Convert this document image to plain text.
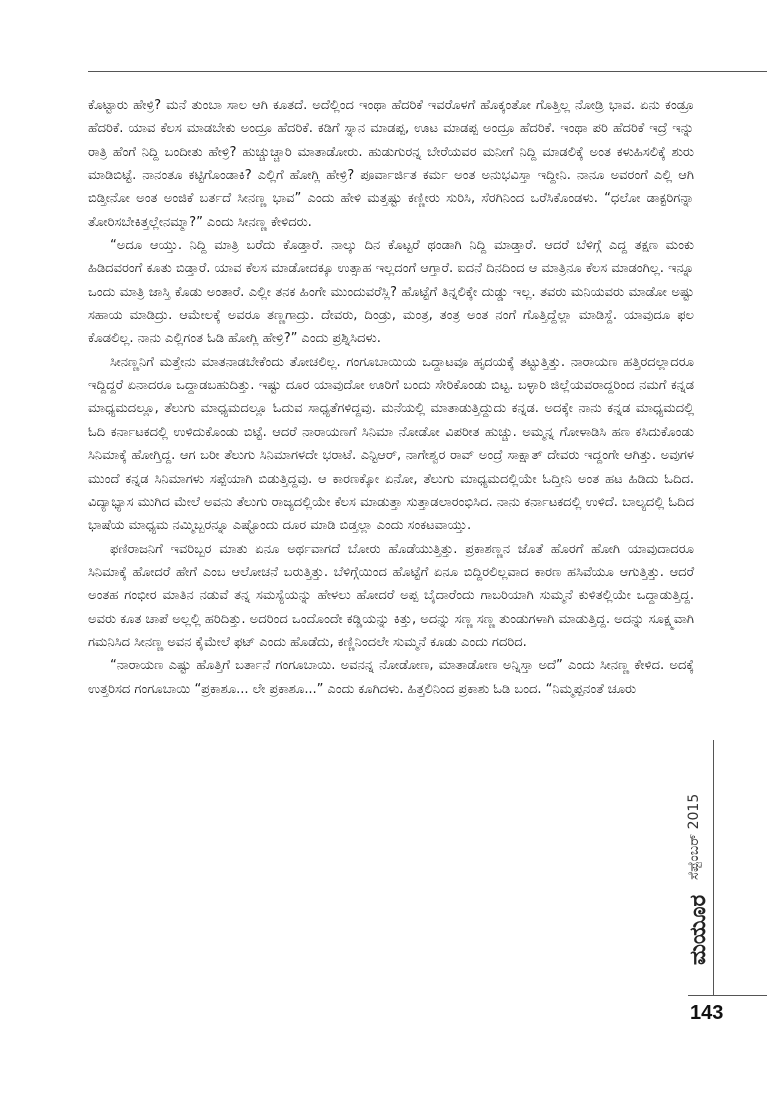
ಕೊಟ್ಟಾರು ಹೇಳ್ರಿ? ಮನೆ ತುಂಬಾ ಸಾಲ ಆಗಿ ಕೂತದೆ. ಅದೆಲ್ಲಿಂದ ಇಂಥಾ ಹೆದರಿಕೆ ಇವರೊಳಗೆ ಹೊಕ್ಕಂತೋ ಗೊತ್ತಿಲ್ಲ ನೋಡ್ರಿ ಭಾವ. ಏನು ಕಂಡ್ರೂ ಹೆದರಿಕೆ. ಯಾವ ಕೆಲಸ ಮಾಡಬೇಕು ಅಂದ್ರೂ ಹೆದರಿಕೆ. ಕಡಿಗೆ ಸ್ನಾನ ಮಾಡಪ್ಪ, ಊಟ ಮಾಡಪ್ಪ ಅಂದ್ರೂ ಹೆದರಿಕೆ. ಇಂಥಾ ಪರಿ ಹೆದರಿಕೆ ಇದ್ರೆ ಇನ್ನು ರಾತ್ರಿ ಹೆಂಗೆ ನಿದ್ದಿ ಬಂದೀತು ಹೇಳ್ರಿ? ಹುಚ್ಚುಚ್ಚಾರಿ ಮಾತಾಡೋರು. ಹುಡುಗುರನ್ನ ಬೇರೆಯವರ ಮನೀಗೆ ನಿದ್ದಿ ಮಾಡಲಿಕ್ಕೆ ಅಂತ ಕಳುಹಿಸಲಿಕ್ಕೆ ಶುರು ಮಾಡಿಬಿಟ್ಟೆ. ನಾನಂತೂ ಕಟ್ಟಿಗೊಂಡಾಕಿ? ಎಲ್ಲಿಗೆ ಹೋಗ್ಲಿ ಹೇಳ್ರಿ? ಪೂರ್ವಾರ್ಜಿತ ಕರ್ಮ ಅಂತ ಅನುಭವಿಸ್ತಾ ಇದ್ದೀನಿ. ನಾನೂ ಅವರಂಗೆ ಎಲ್ಲಿ ಆಗಿ ಬಿಡ್ತೀನೋ ಅಂತ ಅಂಜಿಕೆ ಬರ್ತದೆ ಸೀನಣ್ಣ ಭಾವ” ಎಂದು ಹೇಳಿ ಮತ್ತಷ್ಟು ಕಣ್ಣೀರು ಸುರಿಸಿ, ಸೆರಗಿನಿಂದ ಒರೆಸಿಕೊಂಡಳು. “ಧಲೋ ಡಾಕ್ಟರಿಗನ್ನಾ ತೋರಿಸಬೇಕಿತ್ತಲ್ಲೇನಮ್ಮಾ?” ಎಂದು ಸೀನಣ್ಣ ಕೇಳಿದರು.

“ಅದೂ ಆಯ್ತು. ನಿದ್ದಿ ಮಾತ್ರಿ ಬರೆದು ಕೊಡ್ತಾರೆ. ನಾಲ್ಕು ದಿನ ಕೊಟ್ಟರೆ ಥಂಡಾಗಿ ನಿದ್ದಿ ಮಾಡ್ತಾರೆ. ಆದರೆ ಬೆಳಿಗ್ಗೆ ಎದ್ದ ತಕ್ಷಣ ಮಂಕು ಹಿಡಿದವರಂಗೆ ಕೂತು ಬಿಡ್ತಾರೆ. ಯಾವ ಕೆಲಸ ಮಾಡೋದಕ್ಕೂ ಉತ್ಸಾಹ ಇಲ್ಲದಂಗೆ ಆಗ್ತಾರೆ. ಐದನೆ ದಿನದಿಂದ ಆ ಮಾತ್ರಿನೂ ಕೆಲಸ ಮಾಡಂಗಿಲ್ಲ. ಇನ್ನೂ ಒಂದು ಮಾತ್ರಿ ಜಾಸ್ತಿ ಕೊಡು ಅಂತಾರೆ. ಎಲ್ಲೀ ತನಕ ಹಿಂಗೇ ಮುಂದುವರೆಸ್ಲಿ? ಹೊಟ್ಟೆಗೆ ತಿನ್ನಲಿಕ್ಕೇ ದುಡ್ಡು ಇಲ್ಲ. ತವರು ಮನಿಯವರು ಮಾಡೋ ಅಷ್ಟು ಸಹಾಯ ಮಾಡಿದ್ರು. ಆಮೇಲಕ್ಕೆ ಅವರೂ ತಣ್ಣಗಾದ್ರು. ದೇವರು, ದಿಂಡ್ರು, ಮಂತ್ರ, ತಂತ್ರ ಅಂತ ನಂಗೆ ಗೊತ್ತಿದ್ದೆಲ್ಲಾ ಮಾಡಿಸ್ದೆ. ಯಾವುದೂ ಫಲ ಕೊಡಲಿಲ್ಲ. ನಾನು ಎಲ್ಲಿಗಂತ ಓಡಿ ಹೋಗ್ಲಿ ಹೇಳ್ರಿ?” ಎಂದು ಪ್ರಶ್ನಿಸಿದಳು.

ಸೀನಣ್ಣನಿಗೆ ಮತ್ತೇನು ಮಾತನಾಡಬೇಕೆಂದು ತೋಚಲಿಲ್ಲ. ಗಂಗೂಬಾಯಿಯ ಒದ್ದಾಟವೂ ಹೃದಯಕ್ಕೆ ತಟ್ಟುತ್ತಿತ್ತು. ನಾರಾಯಣ ಹತ್ತಿರದಲ್ಲಾದರೂ ಇದ್ದಿದ್ದರೆ ಏನಾದರೂ ಒದ್ದಾಡಬಹುದಿತ್ತು. ಇಷ್ಟು ದೂರ ಯಾವುದೋ ಊರಿಗೆ ಬಂದು ಸೇರಿಕೊಂಡು ಬಿಟ್ಟ. ಬಳ್ಳಾರಿ ಜಿಲ್ಲೆಯವರಾದ್ದರಿಂದ ನಮಗೆ ಕನ್ನಡ ಮಾಧ್ಯಮದಲ್ಲೂ, ತೆಲುಗು ಮಾಧ್ಯಮದಲ್ಲೂ ಓದುವ ಸಾಧ್ಯತೆಗಳಿದ್ದವು. ಮನೆಯಲ್ಲಿ ಮಾತಾಡುತ್ತಿದ್ದುದು ಕನ್ನಡ. ಅದಕ್ಕೇ ನಾನು ಕನ್ನಡ ಮಾಧ್ಯಮದಲ್ಲಿ ಓದಿ ಕರ್ನಾಟಕದಲ್ಲಿ ಉಳಿದುಕೊಂಡು ಬಿಟ್ಟೆ. ಆದರೆ ನಾರಾಯಣಗೆ ಸಿನಿಮಾ ನೋಡೋ ವಿಪರೀತ ಹುಚ್ಚು. ಅಮ್ಮನ್ನ ಗೋಳಾಡಿಸಿ ಹಣ ಕಸಿದುಕೊಂಡು ಸಿನಿಮಾಕ್ಕೆ ಹೋಗ್ತಿದ್ದ. ಆಗ ಬರೀ ತೆಲುಗು ಸಿನಿಮಾಗಳದೇ ಭರಾಟೆ. ಎನ್ಟಿಆರ್, ನಾಗೇಶ್ವರ ರಾವ್ ಅಂದ್ರೆ ಸಾಕ್ಷಾತ್ ದೇವರು ಇದ್ದಂಗೇ ಆಗಿತ್ತು. ಅವುಗಳ ಮುಂದೆ ಕನ್ನಡ ಸಿನಿಮಾಗಳು ಸಪ್ಪೆಯಾಗಿ ಬಿಡುತ್ತಿದ್ದವು. ಆ ಕಾರಣಕ್ಕೋ ಏನೋ, ತೆಲುಗು ಮಾಧ್ಯಮದಲ್ಲಿಯೇ ಓದ್ತೀನಿ ಅಂತ ಹಟ ಹಿಡಿದು ಓದಿದ. ವಿದ್ಯಾಭ್ಯಾಸ ಮುಗಿದ ಮೇಲೆ ಅವನು ತೆಲುಗು ರಾಜ್ಯದಲ್ಲಿಯೇ ಕೆಲಸ ಮಾಡುತ್ತಾ ಸುತ್ತಾಡಲಾರಂಭಿಸಿದ. ನಾನು ಕರ್ನಾಟಕದಲ್ಲಿ ಉಳಿದೆ. ಬಾಲ್ಯದಲ್ಲಿ ಓದಿದ ಭಾಷೆಯ ಮಾಧ್ಯಮ ನಮ್ಮಿಬ್ಬರನ್ನೂ ಎಷ್ಟೊಂದು ದೂರ ಮಾಡಿ ಬಿಡ್ತಲ್ಲಾ ಎಂದು ಸಂಕಟವಾಯ್ತು.

ಫಣಿರಾಜನಿಗೆ ಇವರಿಬ್ಬರ ಮಾತು ಏನೂ ಅರ್ಥವಾಗದೆ ಬೋರು ಹೊಡೆಯುತ್ತಿತ್ತು. ಪ್ರಕಾಶಣ್ಣನ ಜೊತೆ ಹೊರಗೆ ಹೋಗಿ ಯಾವುದಾದರೂ ಸಿನಿಮಾಕ್ಕೆ ಹೋದರೆ ಹೇಗೆ ಎಂಬ ಆಲೋಚನೆ ಬರುತ್ತಿತ್ತು. ಬೆಳಿಗ್ಗೆಯಿಂದ ಹೊಟ್ಟೆಗೆ ಏನೂ ಬಿದ್ದಿರಲಿಲ್ಲವಾದ ಕಾರಣ ಹಸಿವೆಯೂ ಆಗುತ್ತಿತ್ತು. ಆದರೆ ಅಂತಹ ಗಂಭೀರ ಮಾತಿನ ನಡುವೆ ತನ್ನ ಸಮಸ್ಯೆಯನ್ನು ಹೇಳಲು ಹೋದರೆ ಅಪ್ಪ ಬೈದಾರೆಂದು ಗಾಬರಿಯಾಗಿ ಸುಮ್ಮನೆ ಕುಳಿತಲ್ಲಿಯೇ ಒದ್ದಾಡುತ್ತಿದ್ದ. ಅವರು ಕೂತ ಚಾಪೆ ಅಲ್ಲಲ್ಲಿ ಹರಿದಿತ್ತು. ಅದರಿಂದ ಒಂದೊಂದೇ ಕಡ್ಡಿಯನ್ನು ಕಿತ್ತು, ಅದನ್ನು ಸಣ್ಣ ಸಣ್ಣ ತುಂಡುಗಳಾಗಿ ಮಾಡುತ್ತಿದ್ದ. ಅದನ್ನು ಸೂಕ್ಷ್ಮವಾಗಿ ಗಮನಿಸಿದ ಸೀನಣ್ಣ ಅವನ ಕೈಮೇಲೆ ಫಟ್ ಎಂದು ಹೊಡೆದು, ಕಣ್ಣಿನಿಂದಲೇ ಸುಮ್ಮನೆ ಕೂಡು ಎಂದು ಗದರಿದ.

“ನಾರಾಯಣ ಎಷ್ಟು ಹೊತ್ತಿಗೆ ಬರ್ತಾನೆ ಗಂಗೂಬಾಯಿ. ಅವನನ್ನ ನೋಡೋಣ, ಮಾತಾಡೋಣ ಅನ್ನಿಸ್ತಾ ಅದೆ” ಎಂದು ಸೀನಣ್ಣ ಕೇಳಿದ. ಅದಕ್ಕೆ ಉತ್ತರಿಸದ ಗಂಗೂಬಾಯಿ “ಪ್ರಕಾಶೂ... ಲೇ ಪ್ರಕಾಶೂ...” ಎಂದು ಕೂಗಿದಳು. ಹಿತ್ತಲಿನಿಂದ ಪ್ರಕಾಶು ಓಡಿ ಬಂದ. “ನಿಮ್ಮಪ್ಪನಂತೆ ಚೂರು

ಸೆಪ್ಟೆಂಬರ್ 2015
ಮಯೂರ
143
